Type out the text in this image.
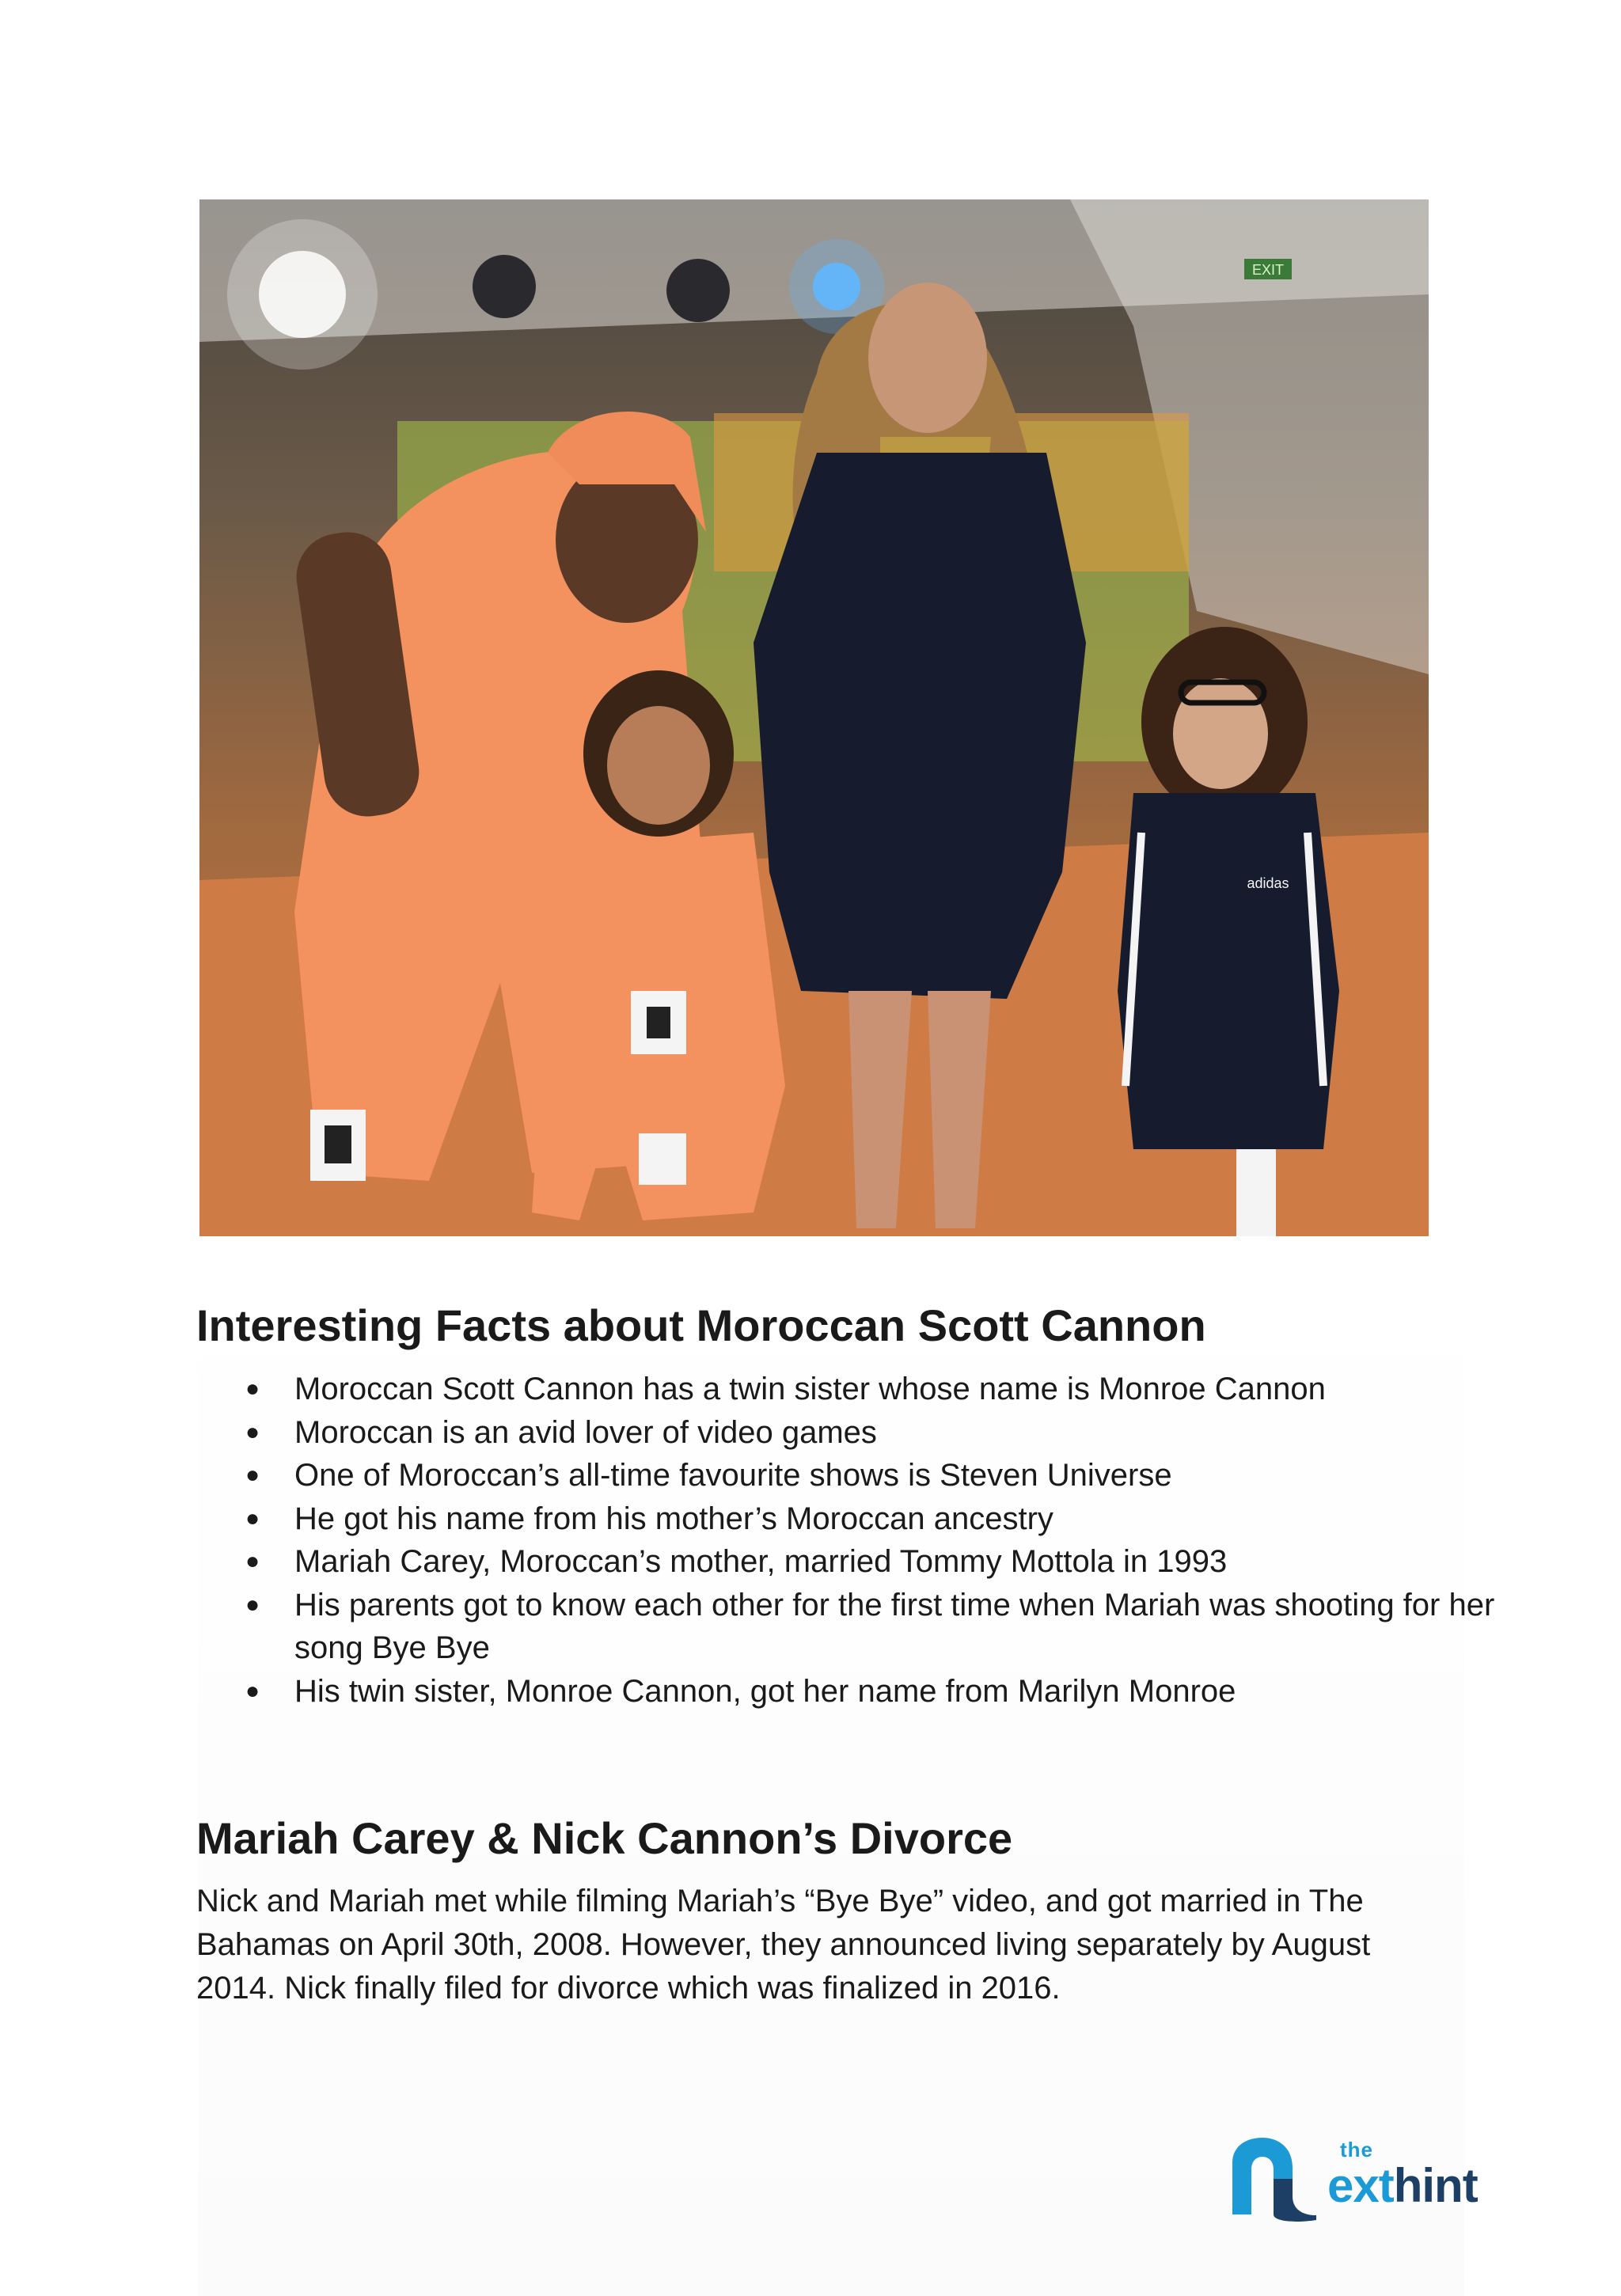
EXIT
adidas
Interesting Facts about Moroccan Scott Cannon
● Moroccan Scott Cannon has a twin sister whose name is Monroe Cannon
● Moroccan is an avid lover of video games
● One of Moroccan’s all-time favourite shows is Steven Universe
● He got his name from his mother’s Moroccan ancestry
● Mariah Carey, Moroccan’s mother, married Tommy Mottola in 1993
● His parents got to know each other for the first time when Mariah was shooting for her song Bye Bye
● His twin sister, Monroe Cannon, got her name from Marilyn Monroe
Mariah Carey & Nick Cannon’s Divorce

Nick and Mariah met while filming Mariah’s “Bye Bye” video, and got married in The Bahamas on April 30th, 2008. However, they announced living separately by August 2014. Nick finally filed for divorce which was finalized in 2016.

the
exthint
